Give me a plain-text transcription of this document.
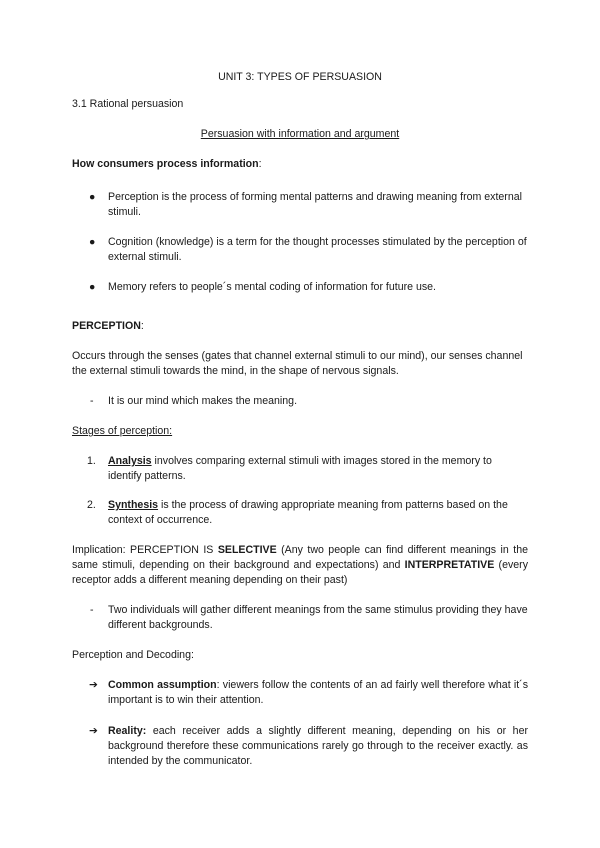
UNIT 3: TYPES OF PERSUASION

3.1 Rational persuasion

Persuasion with information and argument

How consumers process information:

● Perception is the process of forming mental patterns and drawing meaning from external stimuli.
● Cognition (knowledge) is a term for the thought processes stimulated by the perception of external stimuli.
● Memory refers to people´s mental coding of information for future use.

PERCEPTION:

Occurs through the senses (gates that channel external stimuli to our mind), our senses channel the external stimuli towards the mind, in the shape of nervous signals.

- It is our mind which makes the meaning.

Stages of perception:

1. Analysis involves comparing external stimuli with images stored in the memory to identify patterns.
2. Synthesis is the process of drawing appropriate meaning from patterns based on the context of occurrence.

Implication: PERCEPTION IS SELECTIVE (Any two people can find different meanings in the same stimuli, depending on their background and expectations) and INTERPRETATIVE (every receptor adds a different meaning depending on their past)

- Two individuals will gather different meanings from the same stimulus providing they have different backgrounds.

Perception and Decoding:

➔ Common assumption: viewers follow the contents of an ad fairly well therefore what it´s important is to win their attention.
➔ Reality: each receiver adds a slightly different meaning, depending on his or her background therefore these communications rarely go through to the receiver exactly. as intended by the communicator.
